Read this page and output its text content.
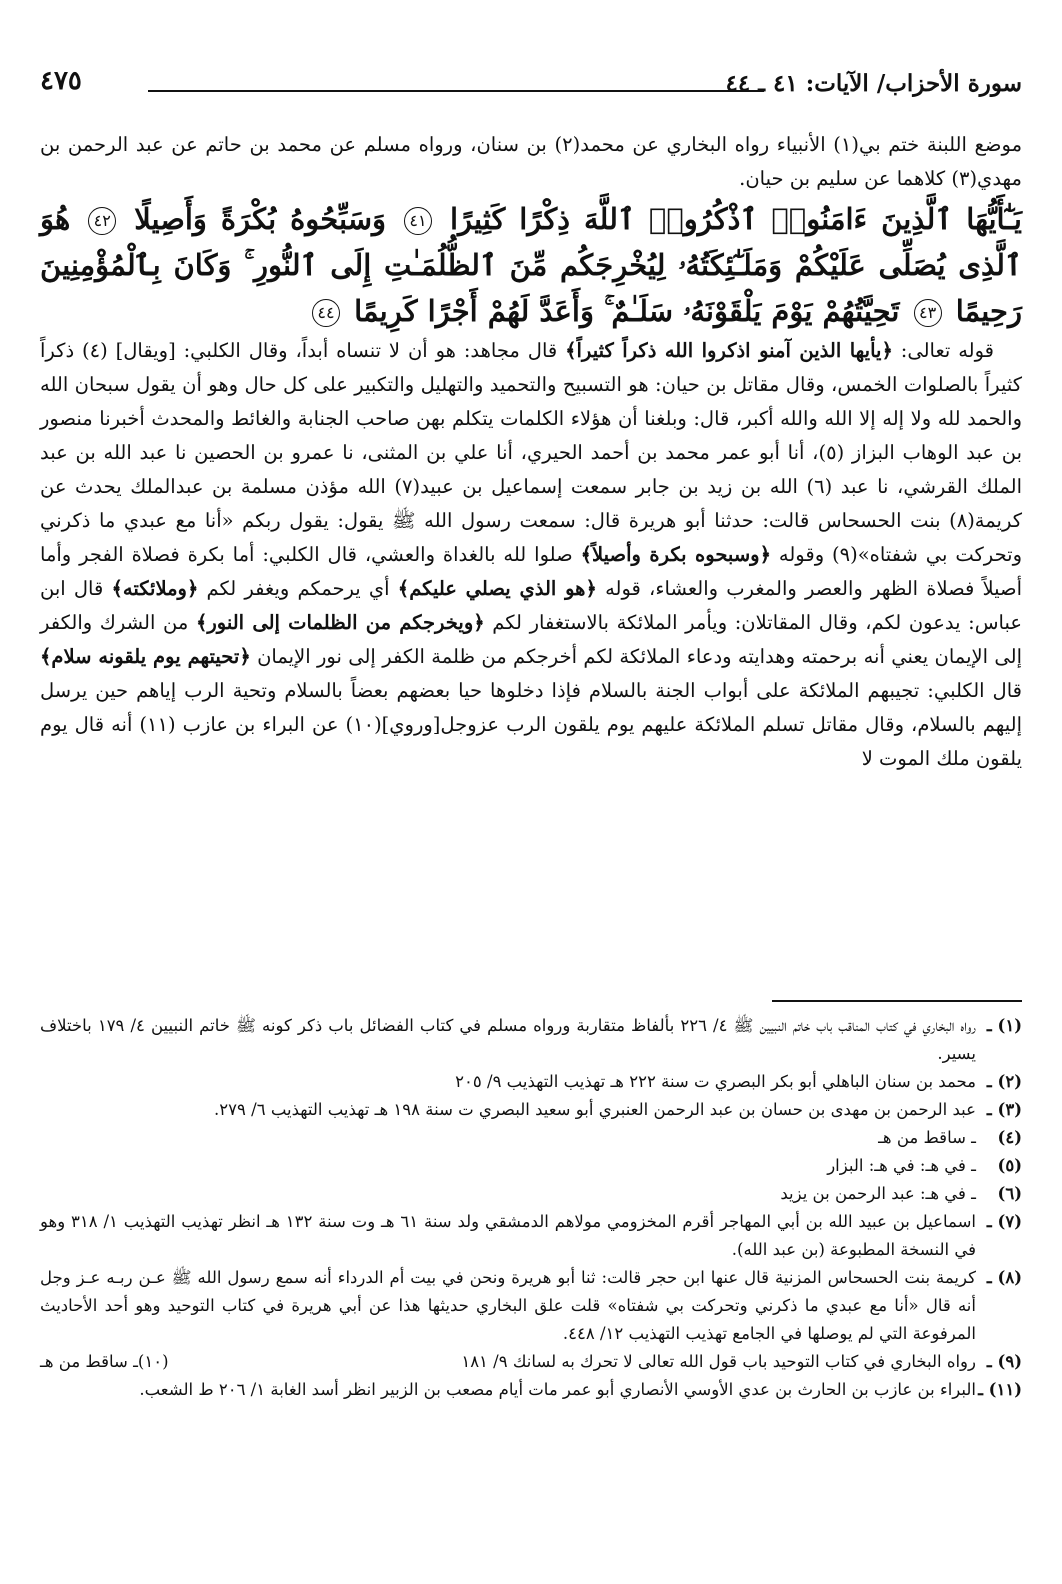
سورة الأحزاب/ الآيات: ٤١ ـ ٤٤
٤٧٥

موضع اللبنة ختم بي(١) الأنبياء رواه البخاري عن محمد(٢) بن سنان، ورواه مسلم عن محمد بن حاتم عن عبد الرحمن بن مهدي(٣) كلاهما عن سليم بن حيان.

يَـٰٓأَيُّهَا ٱلَّذِينَ ءَامَنُوا۟ ٱذْكُرُوا۟ ٱللَّهَ ذِكْرًا كَثِيرًا ٤١ وَسَبِّحُوهُ بُكْرَةً وَأَصِيلًا ٤٢ هُوَ ٱلَّذِى يُصَلِّى عَلَيْكُمْ وَمَلَـٰٓئِكَتُهُۥ لِيُخْرِجَكُم مِّنَ ٱلظُّلُمَـٰتِ إِلَى ٱلنُّورِ ۚ وَكَانَ بِٱلْمُؤْمِنِينَ رَحِيمًا ٤٣ تَحِيَّتُهُمْ يَوْمَ يَلْقَوْنَهُۥ سَلَـٰمٌ ۚ وَأَعَدَّ لَهُمْ أَجْرًا كَرِيمًا ٤٤

قوله تعالى: ﴿يأيها الذين آمنو اذكروا الله ذكراً كثيراً﴾ قال مجاهد: هو أن لا تنساه أبداً، وقال الكلبي: [ويقال] (٤) ذكراً كثيراً بالصلوات الخمس، وقال مقاتل بن حيان: هو التسبيح والتحميد والتهليل والتكبير على كل حال وهو أن يقول سبحان الله والحمد لله ولا إله إلا الله والله أكبر، قال: وبلغنا أن هؤلاء الكلمات يتكلم بهن صاحب الجنابة والغائط والمحدث أخبرنا منصور بن عبد الوهاب البزاز (٥)، أنا أبو عمر محمد بن أحمد الحيري، أنا علي بن المثنى، نا عمرو بن الحصين نا عبد الله بن عبد الملك القرشي، نا عبد (٦) الله بن زيد بن جابر سمعت إسماعيل بن عبيد(٧) الله مؤذن مسلمة بن عبدالملك يحدث عن كريمة(٨) بنت الحسحاس قالت: حدثنا أبو هريرة قال: سمعت رسول الله ﷺ يقول: يقول ربكم «أنا مع عبدي ما ذكرني وتحركت بي شفتاه»(٩) وقوله ﴿وسبحوه بكرة وأصيلاً﴾ صلوا لله بالغداة والعشي، قال الكلبي: أما بكرة فصلاة الفجر وأما أصيلاً فصلاة الظهر والعصر والمغرب والعشاء، قوله ﴿هو الذي يصلي عليكم﴾ أي يرحمكم ويغفر لكم ﴿وملائكته﴾ قال ابن عباس: يدعون لكم، وقال المقاتلان: ويأمر الملائكة بالاستغفار لكم ﴿ويخرجكم من الظلمات إلى النور﴾ من الشرك والكفر إلى الإيمان يعني أنه برحمته وهدايته ودعاء الملائكة لكم أخرجكم من ظلمة الكفر إلى نور الإيمان ﴿تحيتهم يوم يلقونه سلام﴾ قال الكلبي: تجيبهم الملائكة على أبواب الجنة بالسلام فإذا دخلوها حيا بعضهم بعضاً بالسلام وتحية الرب إياهم حين يرسل إليهم بالسلام، وقال مقاتل تسلم الملائكة عليهم يوم يلقون الرب عزوجل[وروي](١٠) عن البراء بن عازب (١١) أنه قال يوم يلقون ملك الموت لا

(١) ـ
رواه البخاري في كتاب المناقب باب خاتم النبيين ﷺ ٤/ ٢٢٦ بألفاظ متقاربة ورواه مسلم في كتاب الفضائل باب ذكر كونه ﷺ خاتم النبيين ٤/ ١٧٩ باختلاف يسير.
(٢) ـ
محمد بن سنان الباهلي أبو بكر البصري ت سنة ٢٢٢ هـ تهذيب التهذيب ٩/ ٢٠٥
(٣) ـ
عبد الرحمن بن مهدى بن حسان بن عبد الرحمن العنبري أبو سعيد البصري ت سنة ١٩٨ هـ تهذيب التهذيب ٦/ ٢٧٩.
(٤)
ـ ساقط من هـ
(٥)
ـ في هـ: في هـ: البزار
(٦)
ـ في هـ: عبد الرحمن بن يزيد
(٧) ـ
اسماعيل بن عبيد الله بن أبي المهاجر أقرم المخزومي مولاهم الدمشقي ولد سنة ٦١ هـ وت سنة ١٣٢ هـ انظر تهذيب التهذيب ١/ ٣١٨ وهو في النسخة المطبوعة (بن عبد الله).
(٨) ـ
كريمة بنت الحسحاس المزنية قال عنها ابن حجر قالت: ثنا أبو هريرة ونحن في بيت أم الدرداء أنه سمع رسول الله ﷺ عـن ربـه عـز وجل أنه قال «أنا مع عبدي ما ذكرني وتحركت بي شفتاه» قلت علق البخاري حديثها هذا عن أبي هريرة في كتاب التوحيد وهو أحد الأحاديث المرفوعة التي لم يوصلها في الجامع تهذيب التهذيب ١٢/ ٤٤٨.
(٩) ـ
رواه البخاري في كتاب التوحيد باب قول الله تعالى لا تحرك به لسانك ٩/ ١٨١
(١٠)ـ ساقط من هـ
(١١) ـ
البراء بن عازب بن الحارث بن عدي الأوسي الأنصاري أبو عمر مات أيام مصعب بن الزبير انظر أسد الغابة ١/ ٢٠٦ ط الشعب.
